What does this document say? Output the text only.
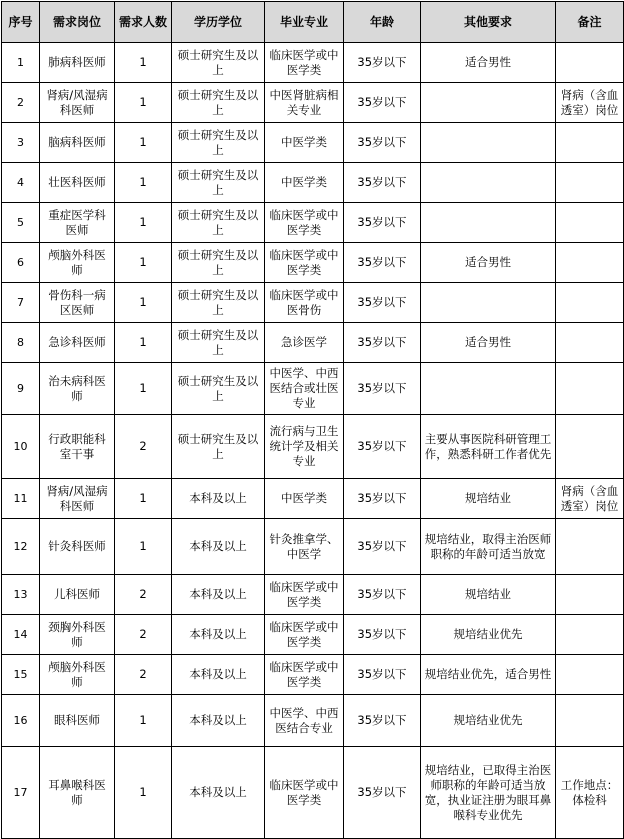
序号	需求岗位	需求人数	学历学位	毕业专业	年龄	其他要求	备注
1	肺病科医师	1	硕士研究生及以上	临床医学或中医学类	35岁以下	适合男性	
2	肾病/风湿病科医师	1	硕士研究生及以上	中医肾脏病相关专业	35岁以下		肾病（含血透室）岗位
3	脑病科医师	1	硕士研究生及以上	中医学类	35岁以下		
4	壮医科医师	1	硕士研究生及以上	中医学类	35岁以下		
5	重症医学科医师	1	硕士研究生及以上	临床医学或中医学类	35岁以下		
6	颅脑外科医师	1	硕士研究生及以上	临床医学或中医学类	35岁以下	适合男性	
7	骨伤科一病区医师	1	硕士研究生及以上	临床医学或中医骨伤	35岁以下		
8	急诊科医师	1	硕士研究生及以上	急诊医学	35岁以下	适合男性	
9	治未病科医师	1	硕士研究生及以上	中医学、中西医结合或壮医专业	35岁以下		
10	行政职能科室干事	2	硕士研究生及以上	流行病与卫生统计学及相关专业	35岁以下	主要从事医院科研管理工作，熟悉科研工作者优先	
11	肾病/风湿病科医师	1	本科及以上	中医学类	35岁以下	规培结业	肾病（含血透室）岗位
12	针灸科医师	1	本科及以上	针灸推拿学、中医学	35岁以下	规培结业，取得主治医师职称的年龄可适当放宽	
13	儿科医师	2	本科及以上	临床医学或中医学类	35岁以下	规培结业	
14	颈胸外科医师	2	本科及以上	临床医学或中医学类	35岁以下	规培结业优先	
15	颅脑外科医师	2	本科及以上	临床医学或中医学类	35岁以下	规培结业优先，适合男性	
16	眼科医师	1	本科及以上	中医学、中西医结合专业	35岁以下	规培结业优先	
17	耳鼻喉科医师	1	本科及以上	临床医学或中医学类	35岁以下	规培结业，已取得主治医师职称的年龄可适当放宽，执业证注册为眼耳鼻喉科专业优先	工作地点：体检科
